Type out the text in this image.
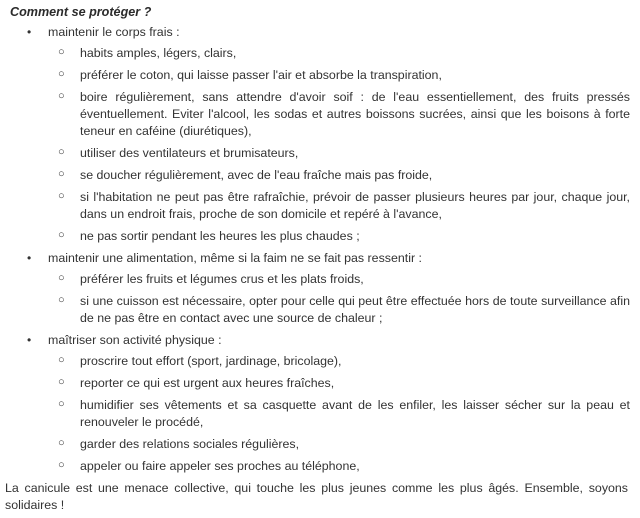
Comment se protéger ?

• maintenir le corps frais :
○ habits amples, légers, clairs,
○ préférer le coton, qui laisse passer l'air et absorbe la transpiration,
○ boire régulièrement, sans attendre d'avoir soif : de l'eau essentiellement, des fruits pressés éventuellement. Eviter l'alcool, les sodas et autres boissons sucrées, ainsi que les boisons à forte teneur en caféine (diurétiques),
○ utiliser des ventilateurs et brumisateurs,
○ se doucher régulièrement, avec de l'eau fraîche mais pas froide,
○ si l'habitation ne peut pas être rafraîchie, prévoir de passer plusieurs heures par jour, chaque jour, dans un endroit frais, proche de son domicile et repéré à l'avance,
○ ne pas sortir pendant les heures les plus chaudes ;
• maintenir une alimentation, même si la faim ne se fait pas ressentir :
○ préférer les fruits et légumes crus et les plats froids,
○ si une cuisson est nécessaire, opter pour celle qui peut être effectuée hors de toute surveillance afin de ne pas être en contact avec une source de chaleur ;
• maîtriser son activité physique :
○ proscrire tout effort (sport, jardinage, bricolage),
○ reporter ce qui est urgent aux heures fraîches,
○ humidifier ses vêtements et sa casquette avant de les enfiler, les laisser sécher sur la peau et renouveler le procédé,
○ garder des relations sociales régulières,
○ appeler ou faire appeler ses proches au téléphone,

La canicule est une menace collective, qui touche les plus jeunes comme les plus âgés. Ensemble, soyons solidaires !
